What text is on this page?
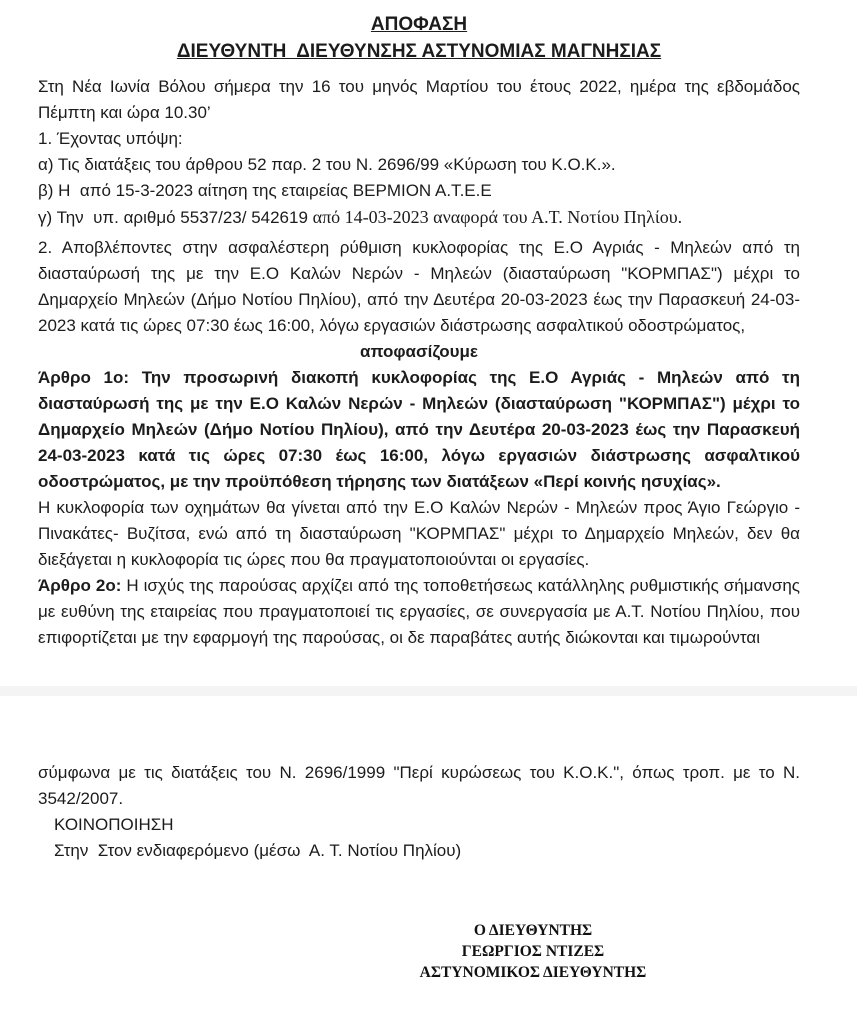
ΑΠΟΦΑΣΗ
ΔΙΕΥΘΥΝΤΗ  ΔΙΕΥΘΥΝΣΗΣ ΑΣΤΥΝΟΜΙΑΣ ΜΑΓΝΗΣΙΑΣ

Στη Νέα Ιωνία Βόλου σήμερα την 16 του μηνός Μαρτίου του έτους 2022, ημέρα της εβδομάδος Πέμπτη και ώρα 10.30’

1. Έχοντας υπόψη:

α) Τις διατάξεις του άρθρου 52 παρ. 2 του Ν. 2696/99 «Κύρωση του Κ.Ο.Κ.».

β) Η  από 15-3-2023 αίτηση της εταιρείας ΒΕΡΜΙΟΝ Α.Τ.Ε.Ε

γ) Την  υπ. αριθμό 5537/23/ 542619 από 14-03-2023 αναφορά του Α.Τ. Νοτίου Πηλίου.

2. Αποβλέποντες στην ασφαλέστερη ρύθμιση κυκλοφορίας της Ε.Ο Αγριάς - Μηλεών από τη διασταύρωσή της με την Ε.Ο Καλών Νερών - Μηλεών (διασταύρωση "ΚΟΡΜΠΑΣ") μέχρι το Δημαρχείο Μηλεών (Δήμο Νοτίου Πηλίου), από την Δευτέρα 20-03-2023 έως την Παρασκευή 24-03-2023 κατά τις ώρες 07:30 έως 16:00, λόγω εργασιών διάστρωσης ασφαλτικού οδοστρώματος,

αποφασίζουμε

Άρθρο 1ο: Την προσωρινή διακοπή κυκλοφορίας της Ε.Ο Αγριάς - Μηλεών από τη διασταύρωσή της με την Ε.Ο Καλών Νερών - Μηλεών (διασταύρωση "ΚΟΡΜΠΑΣ") μέχρι το Δημαρχείο Μηλεών (Δήμο Νοτίου Πηλίου), από την Δευτέρα 20-03-2023 έως την Παρασκευή 24-03-2023 κατά τις ώρες 07:30 έως 16:00, λόγω εργασιών διάστρωσης ασφαλτικού οδοστρώματος, με την προϋπόθεση τήρησης των διατάξεων «Περί κοινής ησυχίας».

Η κυκλοφορία των οχημάτων θα γίνεται από την Ε.Ο Καλών Νερών - Μηλεών προς Άγιο Γεώργιο - Πινακάτες- Βυζίτσα, ενώ από τη διασταύρωση "ΚΟΡΜΠΑΣ" μέχρι το Δημαρχείο Μηλεών, δεν θα διεξάγεται η κυκλοφορία τις ώρες που θα πραγματοποιούνται οι εργασίες.

Άρθρο 2ο: Η ισχύς της παρούσας αρχίζει από της τοποθετήσεως κατάλληλης ρυθμιστικής σήμανσης με ευθύνη της εταιρείας που πραγματοποιεί τις εργασίες, σε συνεργασία με Α.Τ. Νοτίου Πηλίου, που επιφορτίζεται με την εφαρμογή της παρούσας, οι δε παραβάτες αυτής διώκονται και τιμωρούνται

σύμφωνα με τις διατάξεις του Ν. 2696/1999 "Περί κυρώσεως του Κ.Ο.Κ.", όπως τροπ. με το Ν. 3542/2007.

ΚΟΙΝΟΠΟΙΗΣΗ

Στην  Στον ενδιαφερόμενο (μέσω  Α. Τ. Νοτίου Πηλίου)

Ο ΔΙΕΥΘΥΝΤΗΣ
ΓΕΩΡΓΙΟΣ ΝΤΙΖΕΣ
ΑΣΤΥΝΟΜΙΚΟΣ ΔΙΕΥΘΥΝΤΗΣ
